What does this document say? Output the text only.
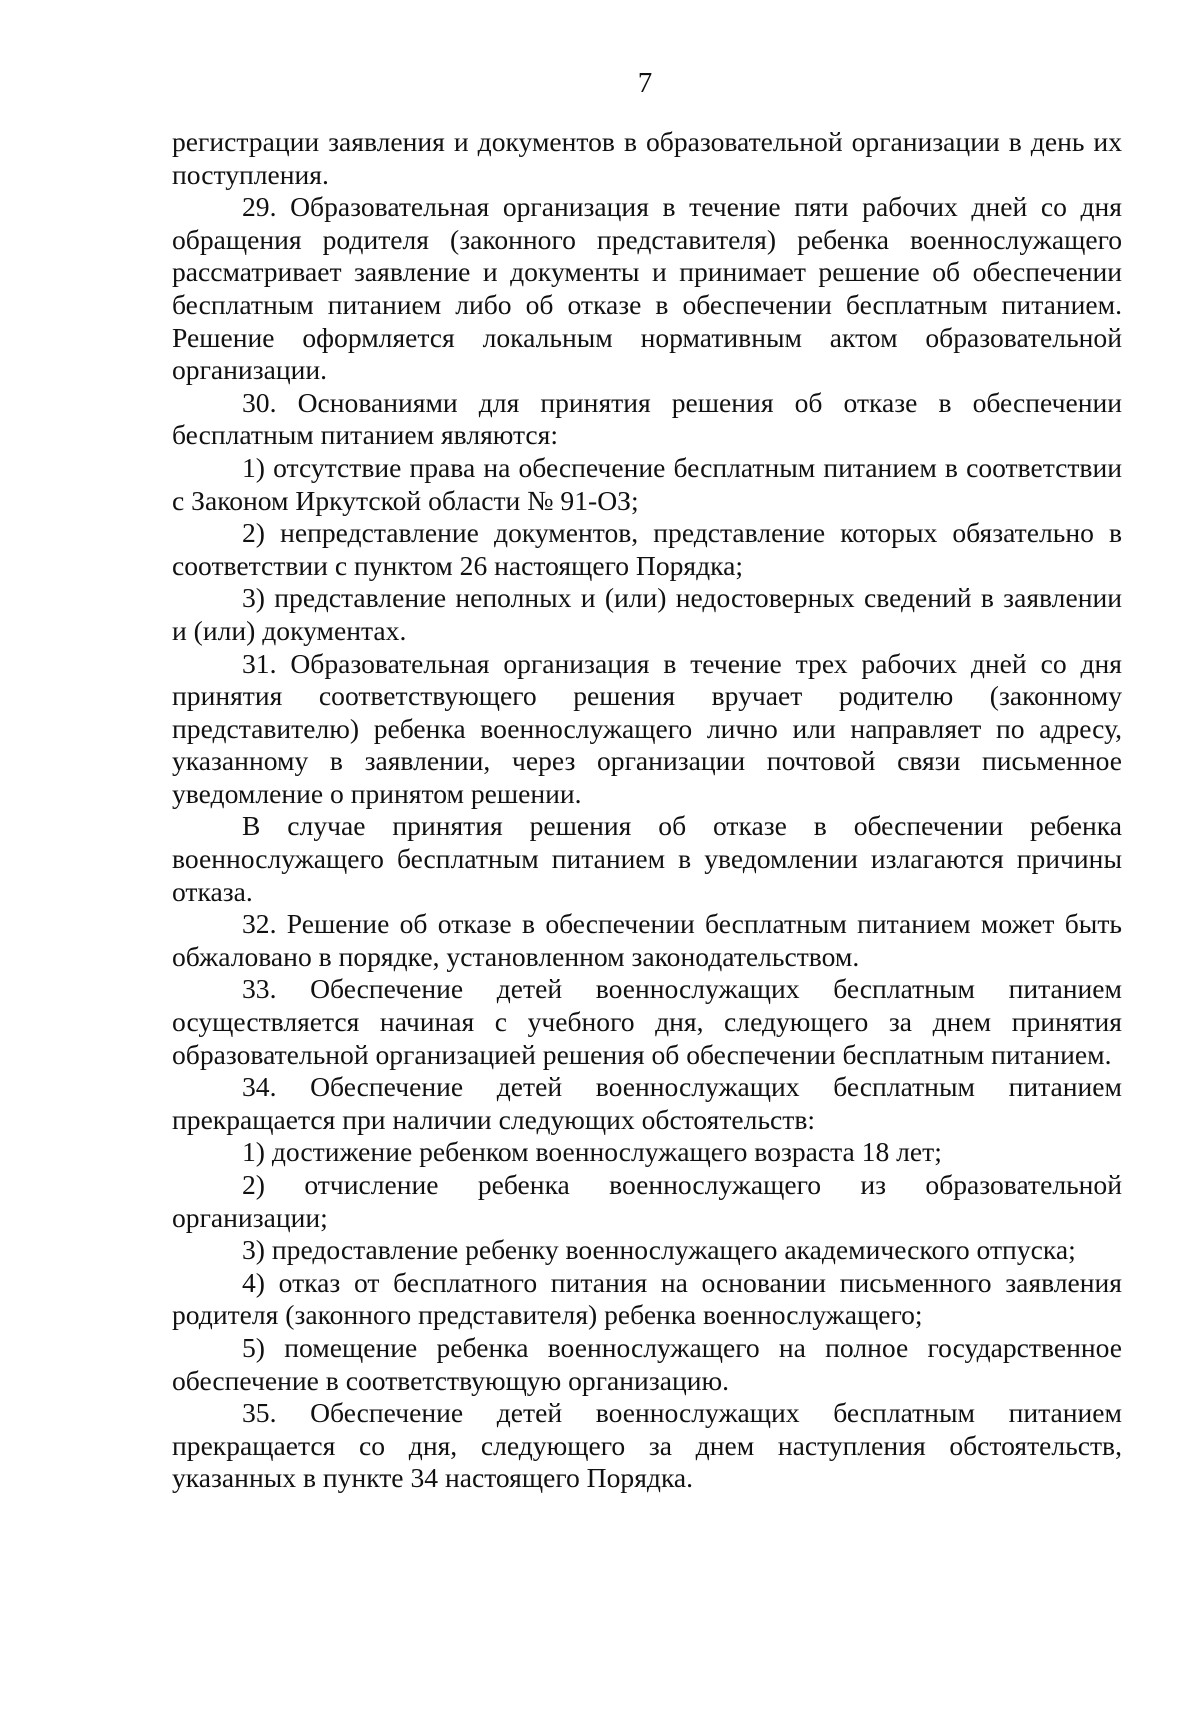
7

регистрации заявления и документов в образовательной организации в день их поступления.

29. Образовательная организация в течение пяти рабочих дней со дня обращения родителя (законного представителя) ребенка военнослужащего рассматривает заявление и документы и принимает решение об обеспечении бесплатным питанием либо об отказе в обеспечении бесплатным питанием. Решение оформляется локальным нормативным актом образовательной организации.

30. Основаниями для принятия решения об отказе в обеспечении бесплатным питанием являются:

1) отсутствие права на обеспечение бесплатным питанием в соответствии с Законом Иркутской области № 91-ОЗ;

2) непредставление документов, представление которых обязательно в соответствии с пунктом 26 настоящего Порядка;

3) представление неполных и (или) недостоверных сведений в заявлении и (или) документах.

31. Образовательная организация в течение трех рабочих дней со дня принятия соответствующего решения вручает родителю (законному представителю) ребенка военнослужащего лично или направляет по адресу, указанному в заявлении, через организации почтовой связи письменное уведомление о принятом решении.

В случае принятия решения об отказе в обеспечении ребенка военнослужащего бесплатным питанием в уведомлении излагаются причины отказа.

32. Решение об отказе в обеспечении бесплатным питанием может быть обжаловано в порядке, установленном законодательством.

33. Обеспечение детей военнослужащих бесплатным питанием осуществляется начиная с учебного дня, следующего за днем принятия образовательной организацией решения об обеспечении бесплатным питанием.

34. Обеспечение детей военнослужащих бесплатным питанием прекращается при наличии следующих обстоятельств:

1) достижение ребенком военнослужащего возраста 18 лет;

2) отчисление ребенка военнослужащего из образовательной организации;

3) предоставление ребенку военнослужащего академического отпуска;

4) отказ от бесплатного питания на основании письменного заявления родителя (законного представителя) ребенка военнослужащего;

5) помещение ребенка военнослужащего на полное государственное обеспечение в соответствующую организацию.

35. Обеспечение детей военнослужащих бесплатным питанием прекращается со дня, следующего за днем наступления обстоятельств, указанных в пункте 34 настоящего Порядка.
